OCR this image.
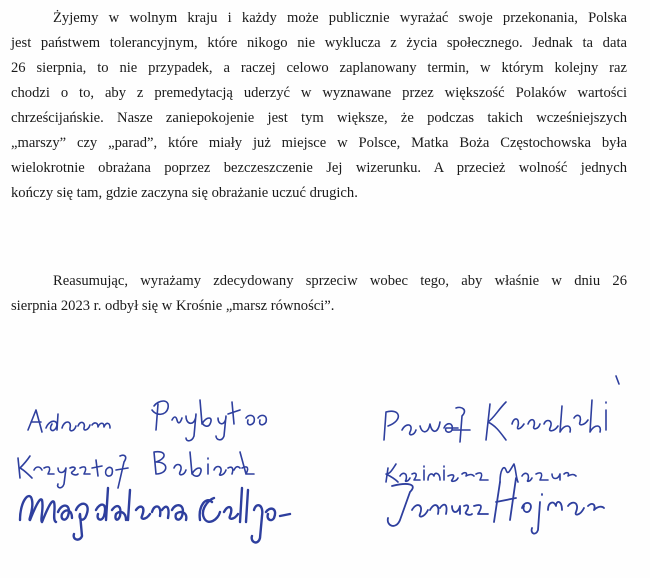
Żyjemy w wolnym kraju i każdy może publicznie wyrażać swoje przekonania, Polska
jest państwem tolerancyjnym, które nikogo nie wyklucza z życia społecznego. Jednak ta data
26 sierpnia, to nie przypadek, a raczej celowo zaplanowany termin, w którym kolejny raz
chodzi o to, aby z premedytacją uderzyć w wyznawane przez większość Polaków wartości
chrześcijańskie. Nasze zaniepokojenie jest tym większe, że podczas takich wcześniejszych
„marszy” czy „parad”, które miały już miejsce w Polsce, Matka Boża Częstochowska była
wielokrotnie obrażana poprzez bezczeszczenie Jej wizerunku. A przecież wolność jednych
kończy się tam, gdzie zaczyna się obrażanie uczuć drugich.
Reasumując, wyrażamy zdecydowany sprzeciw wobec tego, aby właśnie w dniu 26
sierpnia 2023 r. odbył się w Krośnie „marsz równości”.
